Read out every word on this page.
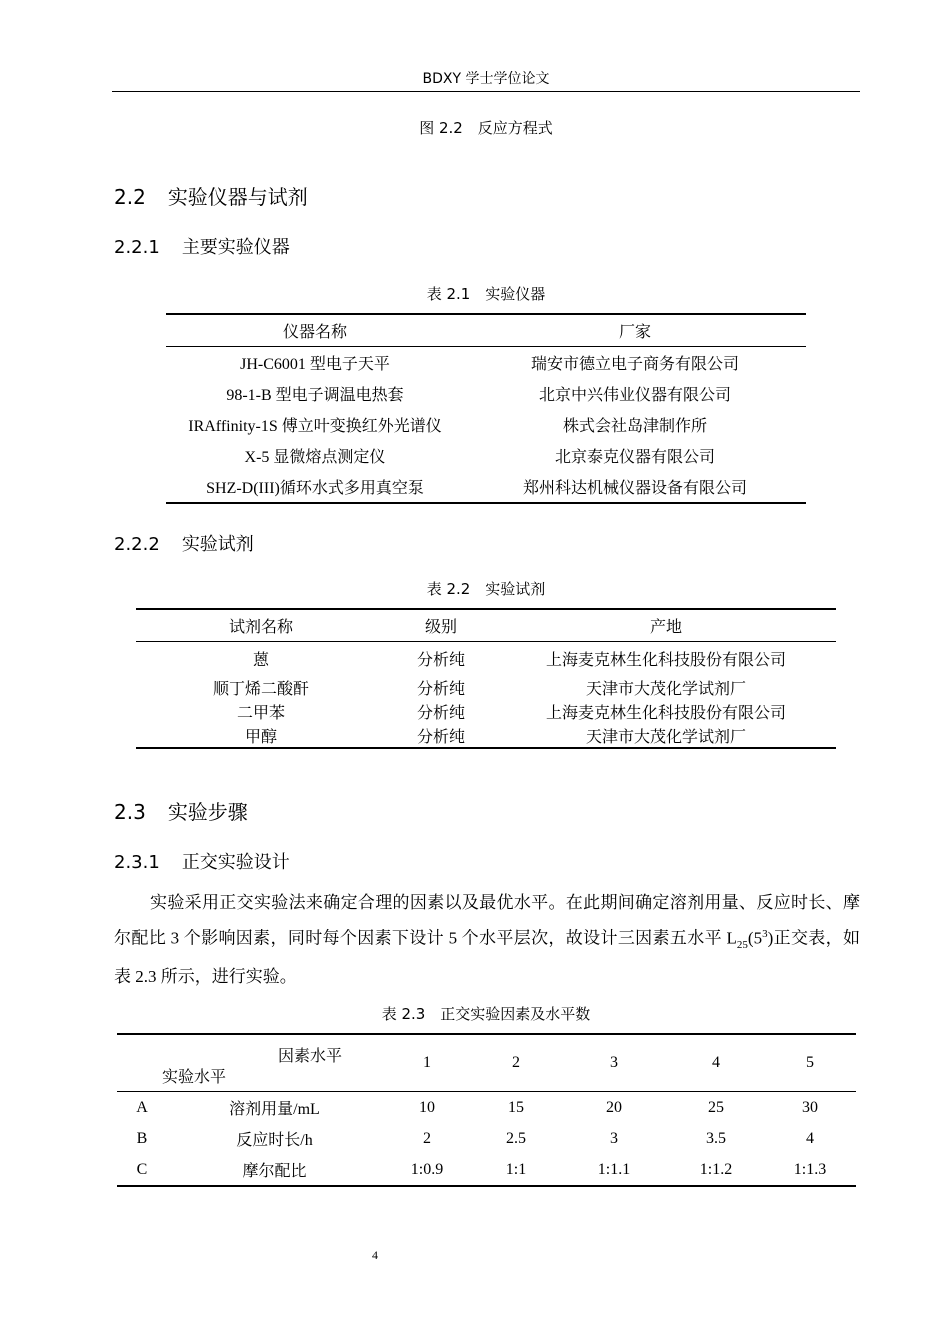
BDXY 学士学位论文
图 2.2　反应方程式
2.2 实验仪器与试剂
2.2.1 主要实验仪器
表 2.1　实验仪器
仪器名称	厂家
JH-C6001 型电子天平	瑞安市德立电子商务有限公司
98-1-B 型电子调温电热套	北京中兴伟业仪器有限公司
IRAffinity-1S 傅立叶变换红外光谱仪	株式会社岛津制作所
X-5 显微熔点测定仪	北京泰克仪器有限公司
SHZ-D(III)循环水式多用真空泵	郑州科达机械仪器设备有限公司
2.2.2 实验试剂
表 2.2　实验试剂
试剂名称	级别	产地
蒽	分析纯	上海麦克林生化科技股份有限公司
顺丁烯二酸酐	分析纯	天津市大茂化学试剂厂
二甲苯	分析纯	上海麦克林生化科技股份有限公司
甲醇	分析纯	天津市大茂化学试剂厂
2.3 实验步骤
2.3.1 正交实验设计
实验采用正交实验法来确定合理的因素以及最优水平。在此期间确定溶剂用量、反应时长、摩尔配比 3 个影响因素，同时每个因素下设计 5 个水平层次，故设计三因素五水平 $L_{25}(5^3)$正交表，如表 2.3 所示，进行实验。
表 2.3　正交实验因素及水平数
因素水平
实验水平		1	2	3	4	5
A	溶剂用量/mL	10	15	20	25	30
B	反应时长/h	2	2.5	3	3.5	4
C	摩尔配比	1:0.9	1:1	1:1.1	1:1.2	1:1.3
4
